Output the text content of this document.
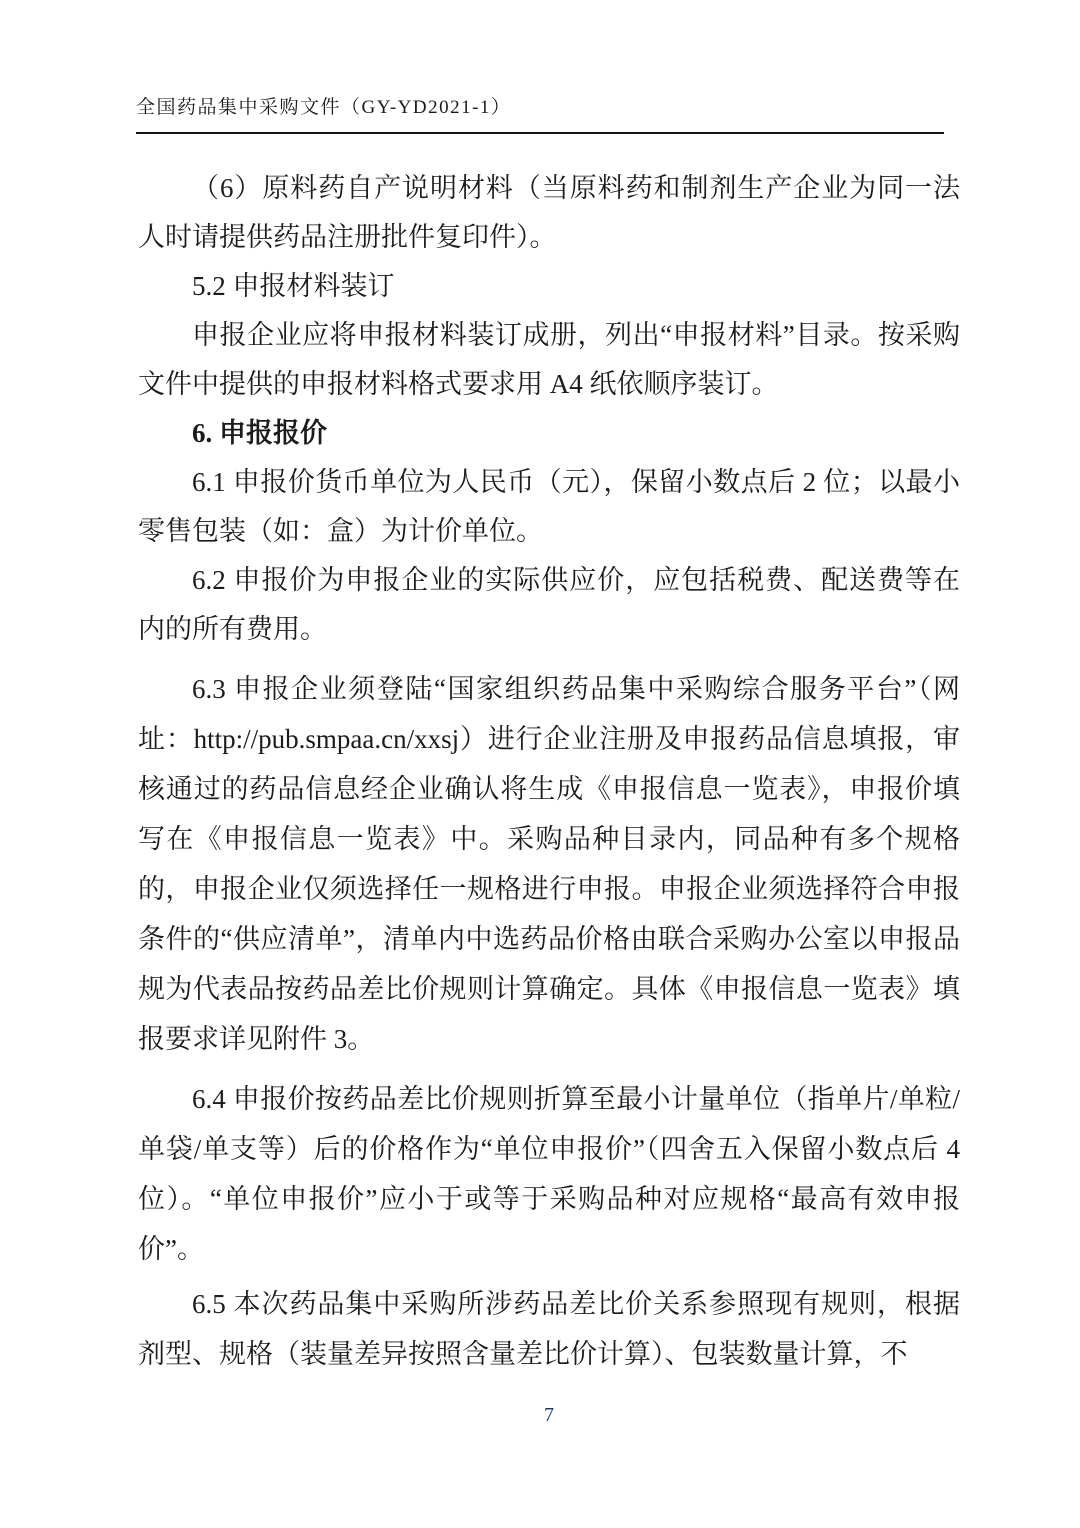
全国药品集中采购文件（GY-YD2021-1）

（6）原料药自产说明材料（当原料药和制剂生产企业为同一法人时请提供药品注册批件复印件）。

5.2 申报材料装订

申报企业应将申报材料装订成册，列出“申报材料”目录。按采购文件中提供的申报材料格式要求用 A4 纸依顺序装订。

6. 申报报价

6.1 申报价货币单位为人民币（元），保留小数点后 2 位；以最小零售包装（如：盒）为计价单位。

6.2 申报价为申报企业的实际供应价，应包括税费、配送费等在内的所有费用。

6.3 申报企业须登陆“国家组织药品集中采购综合服务平台”（网址：http://pub.smpaa.cn/xxsj）进行企业注册及申报药品信息填报，审核通过的药品信息经企业确认将生成《申报信息一览表》，申报价填写在《申报信息一览表》中。采购品种目录内，同品种有多个规格的，申报企业仅须选择任一规格进行申报。申报企业须选择符合申报条件的“供应清单”，清单内中选药品价格由联合采购办公室以申报品规为代表品按药品差比价规则计算确定。具体《申报信息一览表》填报要求详见附件 3。

6.4 申报价按药品差比价规则折算至最小计量单位（指单片/单粒/单袋/单支等）后的价格作为“单位申报价”（四舍五入保留小数点后 4 位）。“单位申报价”应小于或等于采购品种对应规格“最高有效申报价”。

6.5 本次药品集中采购所涉药品差比价关系参照现有规则，根据剂型、规格（装量差异按照含量差比价计算）、包装数量计算，不

7
